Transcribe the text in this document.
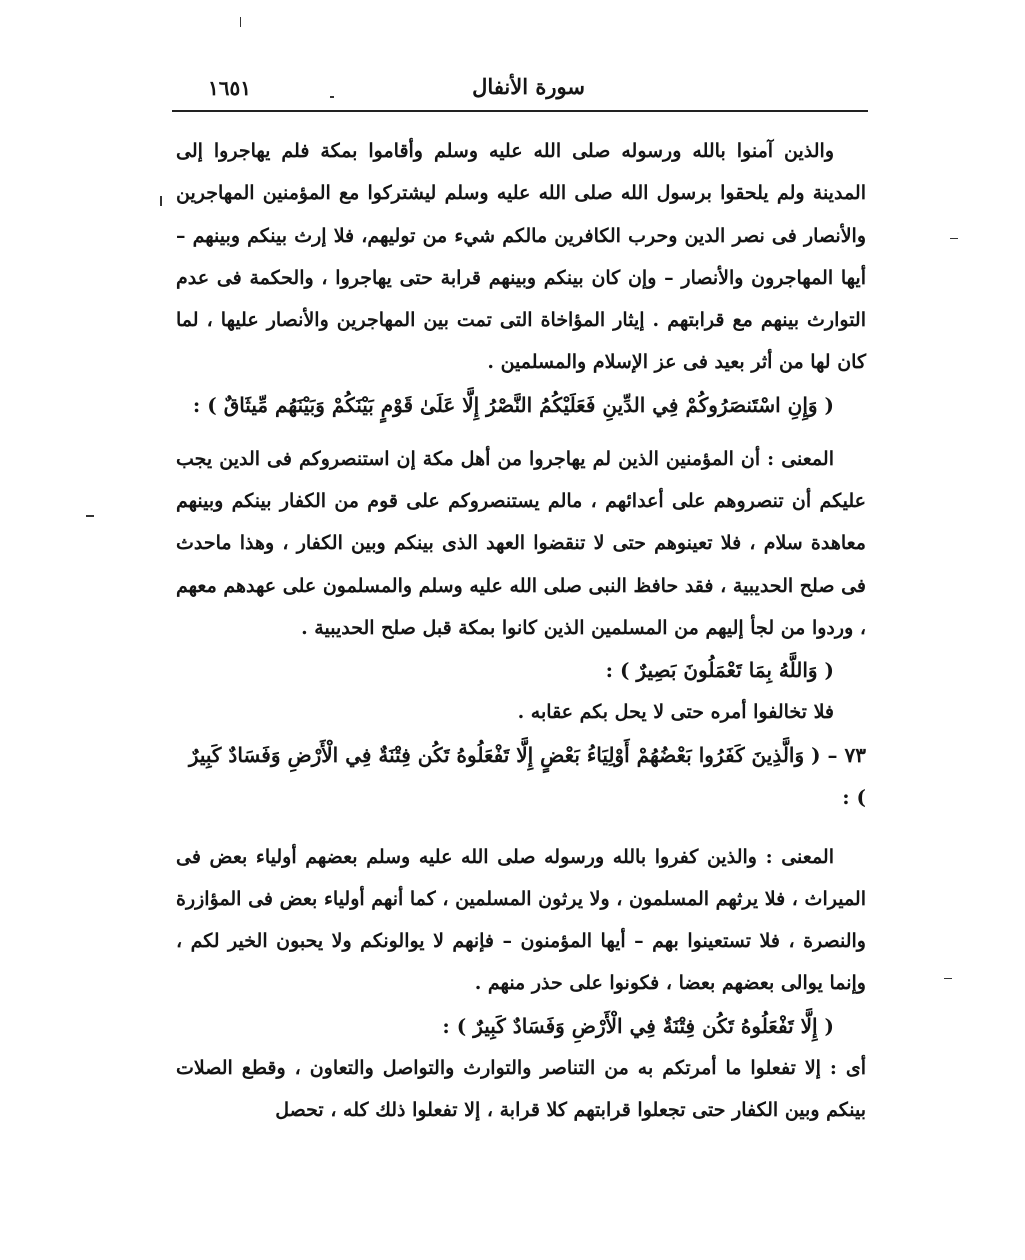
سورة الأنفال
١٦٥١

والذين آمنوا بالله ورسوله صلى الله عليه وسلم وأقاموا بمكة فلم يهاجروا إلى المدينة ولم يلحقوا برسول الله صلى الله عليه وسلم ليشتركوا مع المؤمنين المهاجرين والأنصار فى نصر الدين وحرب الكافرين مالكم شيء من توليهم، فلا إرث بينكم وبينهم – أيها المهاجرون والأنصار – وإن كان بينكم وبينهم قرابة حتى يهاجروا ، والحكمة فى عدم التوارث بينهم مع قرابتهم . إيثار المؤاخاة التى تمت بين المهاجرين والأنصار عليها ، لما كان لها من أثر بعيد فى عز الإسلام والمسلمين .

( وَإِنِ اسْتَنصَرُوكُمْ فِي الدِّينِ فَعَلَيْكُمُ النَّصْرُ إِلَّا عَلَىٰ قَوْمٍ بَيْنَكُمْ وَبَيْنَهُم مِّيثَاقٌ ) :

المعنى : أن المؤمنين الذين لم يهاجروا من أهل مكة إن استنصروكم فى الدين يجب عليكم أن تنصروهم على أعدائهم ، مالم يستنصروكم على قوم من الكفار بينكم وبينهم معاهدة سلام ، فلا تعينوهم حتى لا تنقضوا العهد الذى بينكم وبين الكفار ، وهذا ماحدث فى صلح الحديبية ، فقد حافظ النبى صلى الله عليه وسلم والمسلمون على عهدهم معهم ، وردوا من لجأ إليهم من المسلمين الذين كانوا بمكة قبل صلح الحديبية .

( وَاللَّهُ بِمَا تَعْمَلُونَ بَصِيرٌ ) :

فلا تخالفوا أمره حتى لا يحل بكم عقابه .

٧٣ – ( وَالَّذِينَ كَفَرُوا بَعْضُهُمْ أَوْلِيَاءُ بَعْضٍ إِلَّا تَفْعَلُوهُ تَكُن فِتْنَةٌ فِي الْأَرْضِ وَفَسَادٌ كَبِيرٌ ) :

المعنى : والذين كفروا بالله ورسوله صلى الله عليه وسلم بعضهم أولياء بعض فى الميراث ، فلا يرثهم المسلمون ، ولا يرثون المسلمين ، كما أنهم أولياء بعض فى المؤازرة والنصرة ، فلا تستعينوا بهم – أيها المؤمنون – فإنهم لا يوالونكم ولا يحبون الخير لكم ، وإنما يوالى بعضهم بعضا ، فكونوا على حذر منهم .

( إِلَّا تَفْعَلُوهُ تَكُن فِتْنَةٌ فِي الْأَرْضِ وَفَسَادٌ كَبِيرٌ ) :

أى : إلا تفعلوا ما أمرتكم به من التناصر والتوارث والتواصل والتعاون ، وقطع الصلات بينكم وبين الكفار حتى تجعلوا قرابتهم كلا قرابة ، إلا تفعلوا ذلك كله ، تحصل
